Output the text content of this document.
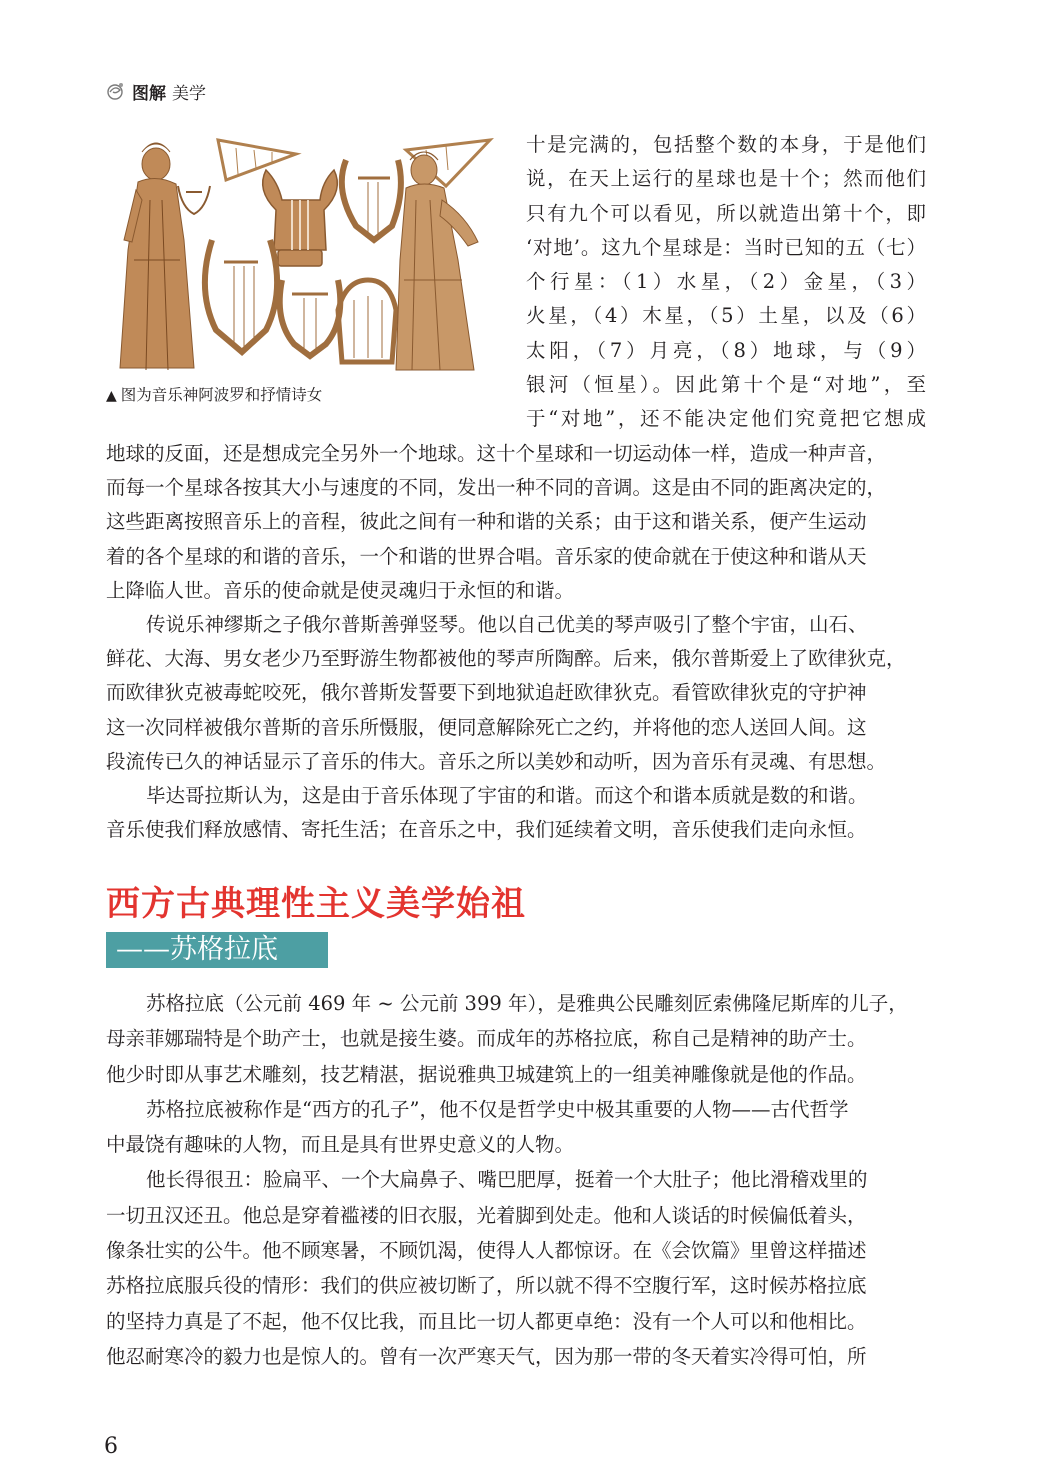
图解 美学
▲ 图为音乐神阿波罗和抒情诗女
十是完满的，包括整个数的本身，于是他们
说，在天上运行的星球也是十个；然而他们
只有九个可以看见，所以就造出第十个，即
‘对地’。这九个星球是：当时已知的五（七）
个行星：（1）水星，（2）金星，（3）
火星，（4）木星，（5）土星，以及（6）
太阳，（7）月亮，（8）地球，与（9）
银河（恒星）。因此第十个是“对地”，至
于“对地”，还不能决定他们究竟把它想成
地球的反面，还是想成完全另外一个地球。这十个星球和一切运动体一样，造成一种声音，
而每一个星球各按其大小与速度的不同，发出一种不同的音调。这是由不同的距离决定的，
这些距离按照音乐上的音程，彼此之间有一种和谐的关系；由于这和谐关系，便产生运动
着的各个星球的和谐的音乐，一个和谐的世界合唱。音乐家的使命就在于使这种和谐从天
上降临人世。音乐的使命就是使灵魂归于永恒的和谐。
传说乐神缪斯之子俄尔普斯善弹竖琴。他以自己优美的琴声吸引了整个宇宙，山石、
鲜花、大海、男女老少乃至野游生物都被他的琴声所陶醉。后来，俄尔普斯爱上了欧律狄克，
而欧律狄克被毒蛇咬死，俄尔普斯发誓要下到地狱追赶欧律狄克。看管欧律狄克的守护神
这一次同样被俄尔普斯的音乐所慑服，便同意解除死亡之约，并将他的恋人送回人间。这
段流传已久的神话显示了音乐的伟大。音乐之所以美妙和动听，因为音乐有灵魂、有思想。
毕达哥拉斯认为，这是由于音乐体现了宇宙的和谐。而这个和谐本质就是数的和谐。
音乐使我们释放感情、寄托生活；在音乐之中，我们延续着文明，音乐使我们走向永恒。
西方古典理性主义美学始祖
——苏格拉底
苏格拉底（公元前 469 年 ~ 公元前 399 年），是雅典公民雕刻匠索佛隆尼斯库的儿子，
母亲菲娜瑞特是个助产士，也就是接生婆。而成年的苏格拉底，称自己是精神的助产士。
他少时即从事艺术雕刻，技艺精湛，据说雅典卫城建筑上的一组美神雕像就是他的作品。
苏格拉底被称作是“西方的孔子”，他不仅是哲学史中极其重要的人物——古代哲学
中最饶有趣味的人物，而且是具有世界史意义的人物。
他长得很丑：脸扁平、一个大扁鼻子、嘴巴肥厚，挺着一个大肚子；他比滑稽戏里的
一切丑汉还丑。他总是穿着褴褛的旧衣服，光着脚到处走。他和人谈话的时候偏低着头，
像条壮实的公牛。他不顾寒暑，不顾饥渴，使得人人都惊讶。在《会饮篇》里曾这样描述
苏格拉底服兵役的情形：我们的供应被切断了，所以就不得不空腹行军，这时候苏格拉底
的坚持力真是了不起，他不仅比我，而且比一切人都更卓绝：没有一个人可以和他相比。
他忍耐寒冷的毅力也是惊人的。曾有一次严寒天气，因为那一带的冬天着实冷得可怕，所
6
